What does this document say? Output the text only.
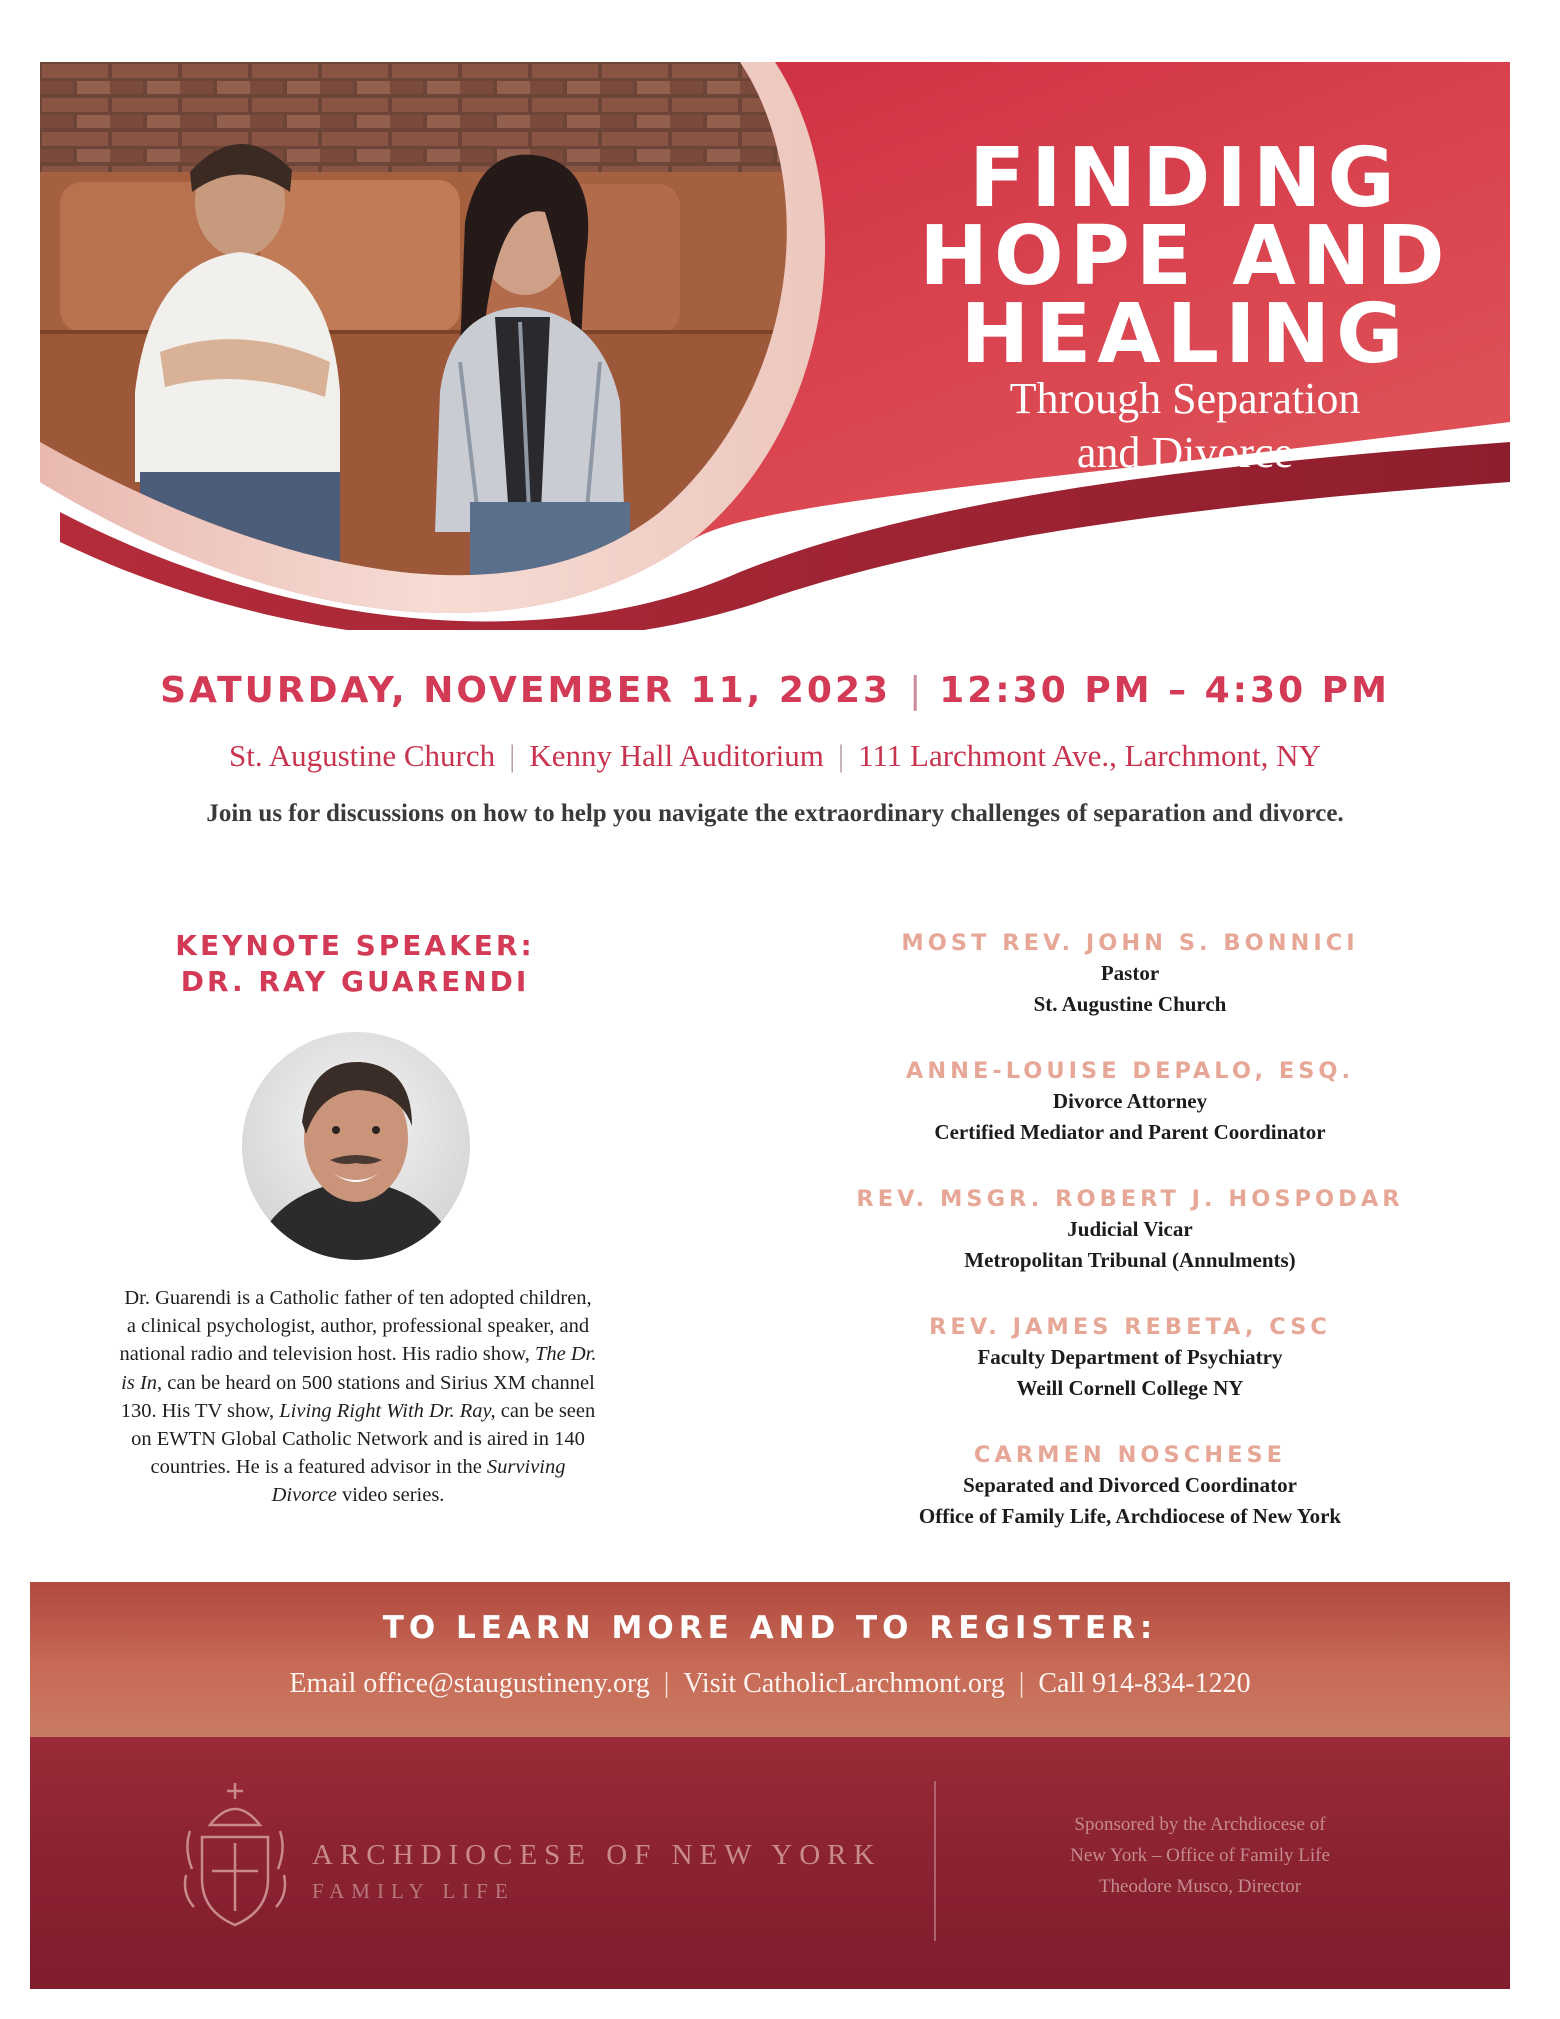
FINDING
HOPE AND
HEALING
Through Separation
and Divorce
SATURDAY, NOVEMBER 11, 2023 | 12:30 PM – 4:30 PM
St. Augustine Church | Kenny Hall Auditorium | 111 Larchmont Ave., Larchmont, NY
Join us for discussions on how to help you navigate the extraordinary challenges of separation and divorce.
KEYNOTE SPEAKER:
DR. RAY GUARENDI
Dr. Guarendi is a Catholic father of ten adopted children, a clinical psychologist, author, professional speaker, and national radio and television host. His radio show, The Dr. is In, can be heard on 500 stations and Sirius XM channel 130. His TV show, Living Right With Dr. Ray, can be seen on EWTN Global Catholic Network and is aired in 140 countries. He is a featured advisor in the Surviving Divorce video series.
MOST REV. JOHN S. BONNICI
Pastor
St. Augustine Church
ANNE-LOUISE DEPALO, ESQ.
Divorce Attorney
Certified Mediator and Parent Coordinator
REV. MSGR. ROBERT J. HOSPODAR
Judicial Vicar
Metropolitan Tribunal (Annulments)
REV. JAMES REBETA, CSC
Faculty Department of Psychiatry
Weill Cornell College NY
CARMEN NOSCHESE
Separated and Divorced Coordinator
Office of Family Life, Archdiocese of New York
TO LEARN MORE AND TO REGISTER:
Email office@staugustineny.org | Visit CatholicLarchmont.org | Call 914-834-1220
ARCHDIOCESE OF NEW YORK
FAMILY LIFE
Sponsored by the Archdiocese of
New York – Office of Family Life
Theodore Musco, Director
